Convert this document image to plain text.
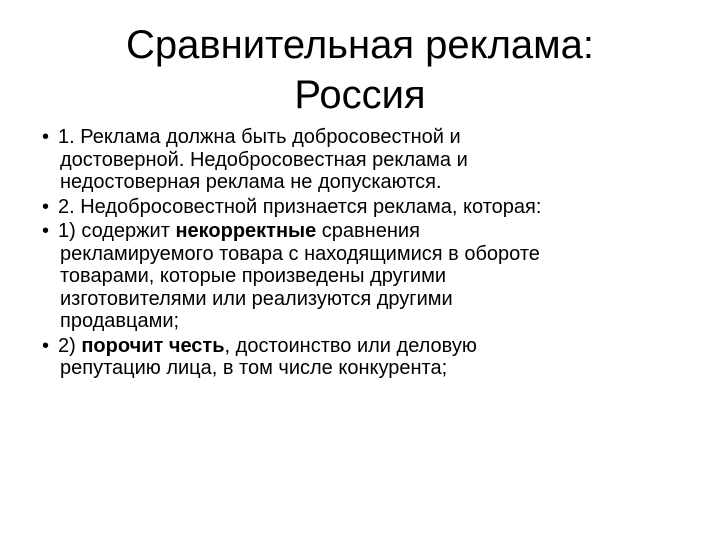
Сравнительная реклама:
Россия
• 1. Реклама должна быть добросовестной и
достоверной. Недобросовестная реклама и
недостоверная реклама не допускаются.
• 2. Недобросовестной признается реклама, которая:
• 1) содержит некорректные сравнения
рекламируемого товара с находящимися в обороте
товарами, которые произведены другими
изготовителями или реализуются другими
продавцами;
• 2) порочит честь, достоинство или деловую
репутацию лица, в том числе конкурента;
